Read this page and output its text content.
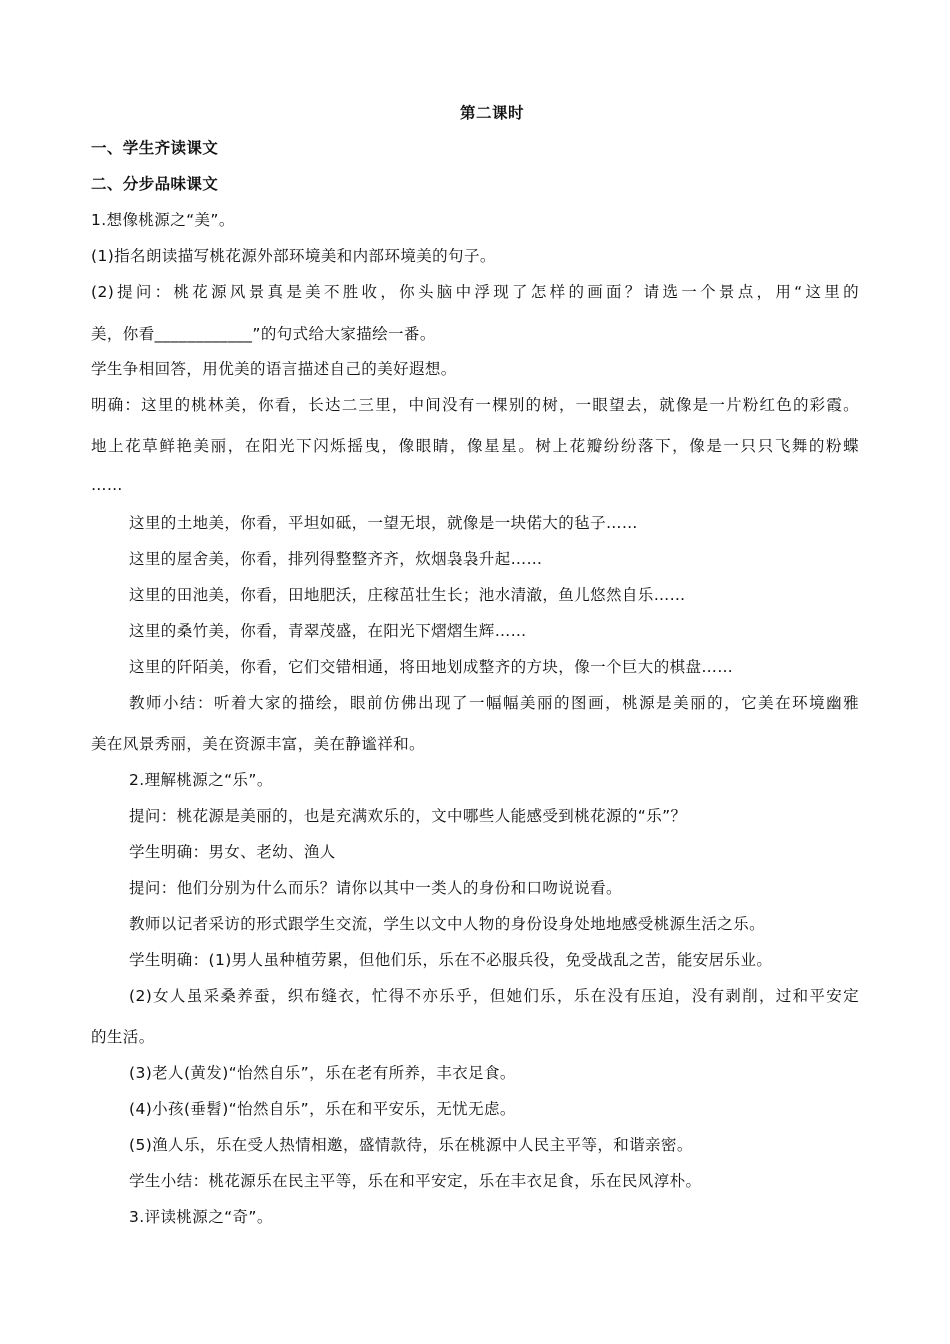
第二课时
一、学生齐读课文
二、分步品味课文
1.想像桃源之“美”。
(1)指名朗读描写桃花源外部环境美和内部环境美的句子。
(2)提问：桃花源风景真是美不胜收，你头脑中浮现了怎样的画面？请选一个景点，用“这里的
美，你看____________”的句式给大家描绘一番。
学生争相回答，用优美的语言描述自己的美好遐想。
明确：这里的桃林美，你看，长达二三里，中间没有一棵别的树，一眼望去，就像是一片粉红色的彩霞。
地上花草鲜艳美丽，在阳光下闪烁摇曳，像眼睛，像星星。树上花瓣纷纷落下，像是一只只飞舞的粉蝶
……
这里的土地美，你看，平坦如砥，一望无垠，就像是一块偌大的毡子……
这里的屋舍美，你看，排列得整整齐齐，炊烟袅袅升起……
这里的田池美，你看，田地肥沃，庄稼茁壮生长；池水清澈，鱼儿悠然自乐……
这里的桑竹美，你看，青翠茂盛，在阳光下熠熠生辉……
这里的阡陌美，你看，它们交错相通，将田地划成整齐的方块，像一个巨大的棋盘……
教师小结：听着大家的描绘，眼前仿佛出现了一幅幅美丽的图画，桃源是美丽的，它美在环境幽雅
美在风景秀丽，美在资源丰富，美在静谧祥和。
2.理解桃源之“乐”。
提问：桃花源是美丽的，也是充满欢乐的，文中哪些人能感受到桃花源的“乐”？
学生明确：男女、老幼、渔人
提问：他们分别为什么而乐？请你以其中一类人的身份和口吻说说看。
教师以记者采访的形式跟学生交流，学生以文中人物的身份设身处地地感受桃源生活之乐。
学生明确：(1)男人虽种植劳累，但他们乐，乐在不必服兵役，免受战乱之苦，能安居乐业。
(2)女人虽采桑养蚕，织布缝衣，忙得不亦乐乎，但她们乐，乐在没有压迫，没有剥削，过和平安定
的生活。
(3)老人(黄发)“怡然自乐”，乐在老有所养，丰衣足食。
(4)小孩(垂髫)“怡然自乐”，乐在和平安乐，无忧无虑。
(5)渔人乐，乐在受人热情相邀，盛情款待，乐在桃源中人民主平等，和谐亲密。
学生小结：桃花源乐在民主平等，乐在和平安定，乐在丰衣足食，乐在民风淳朴。
3.评读桃源之“奇”。
